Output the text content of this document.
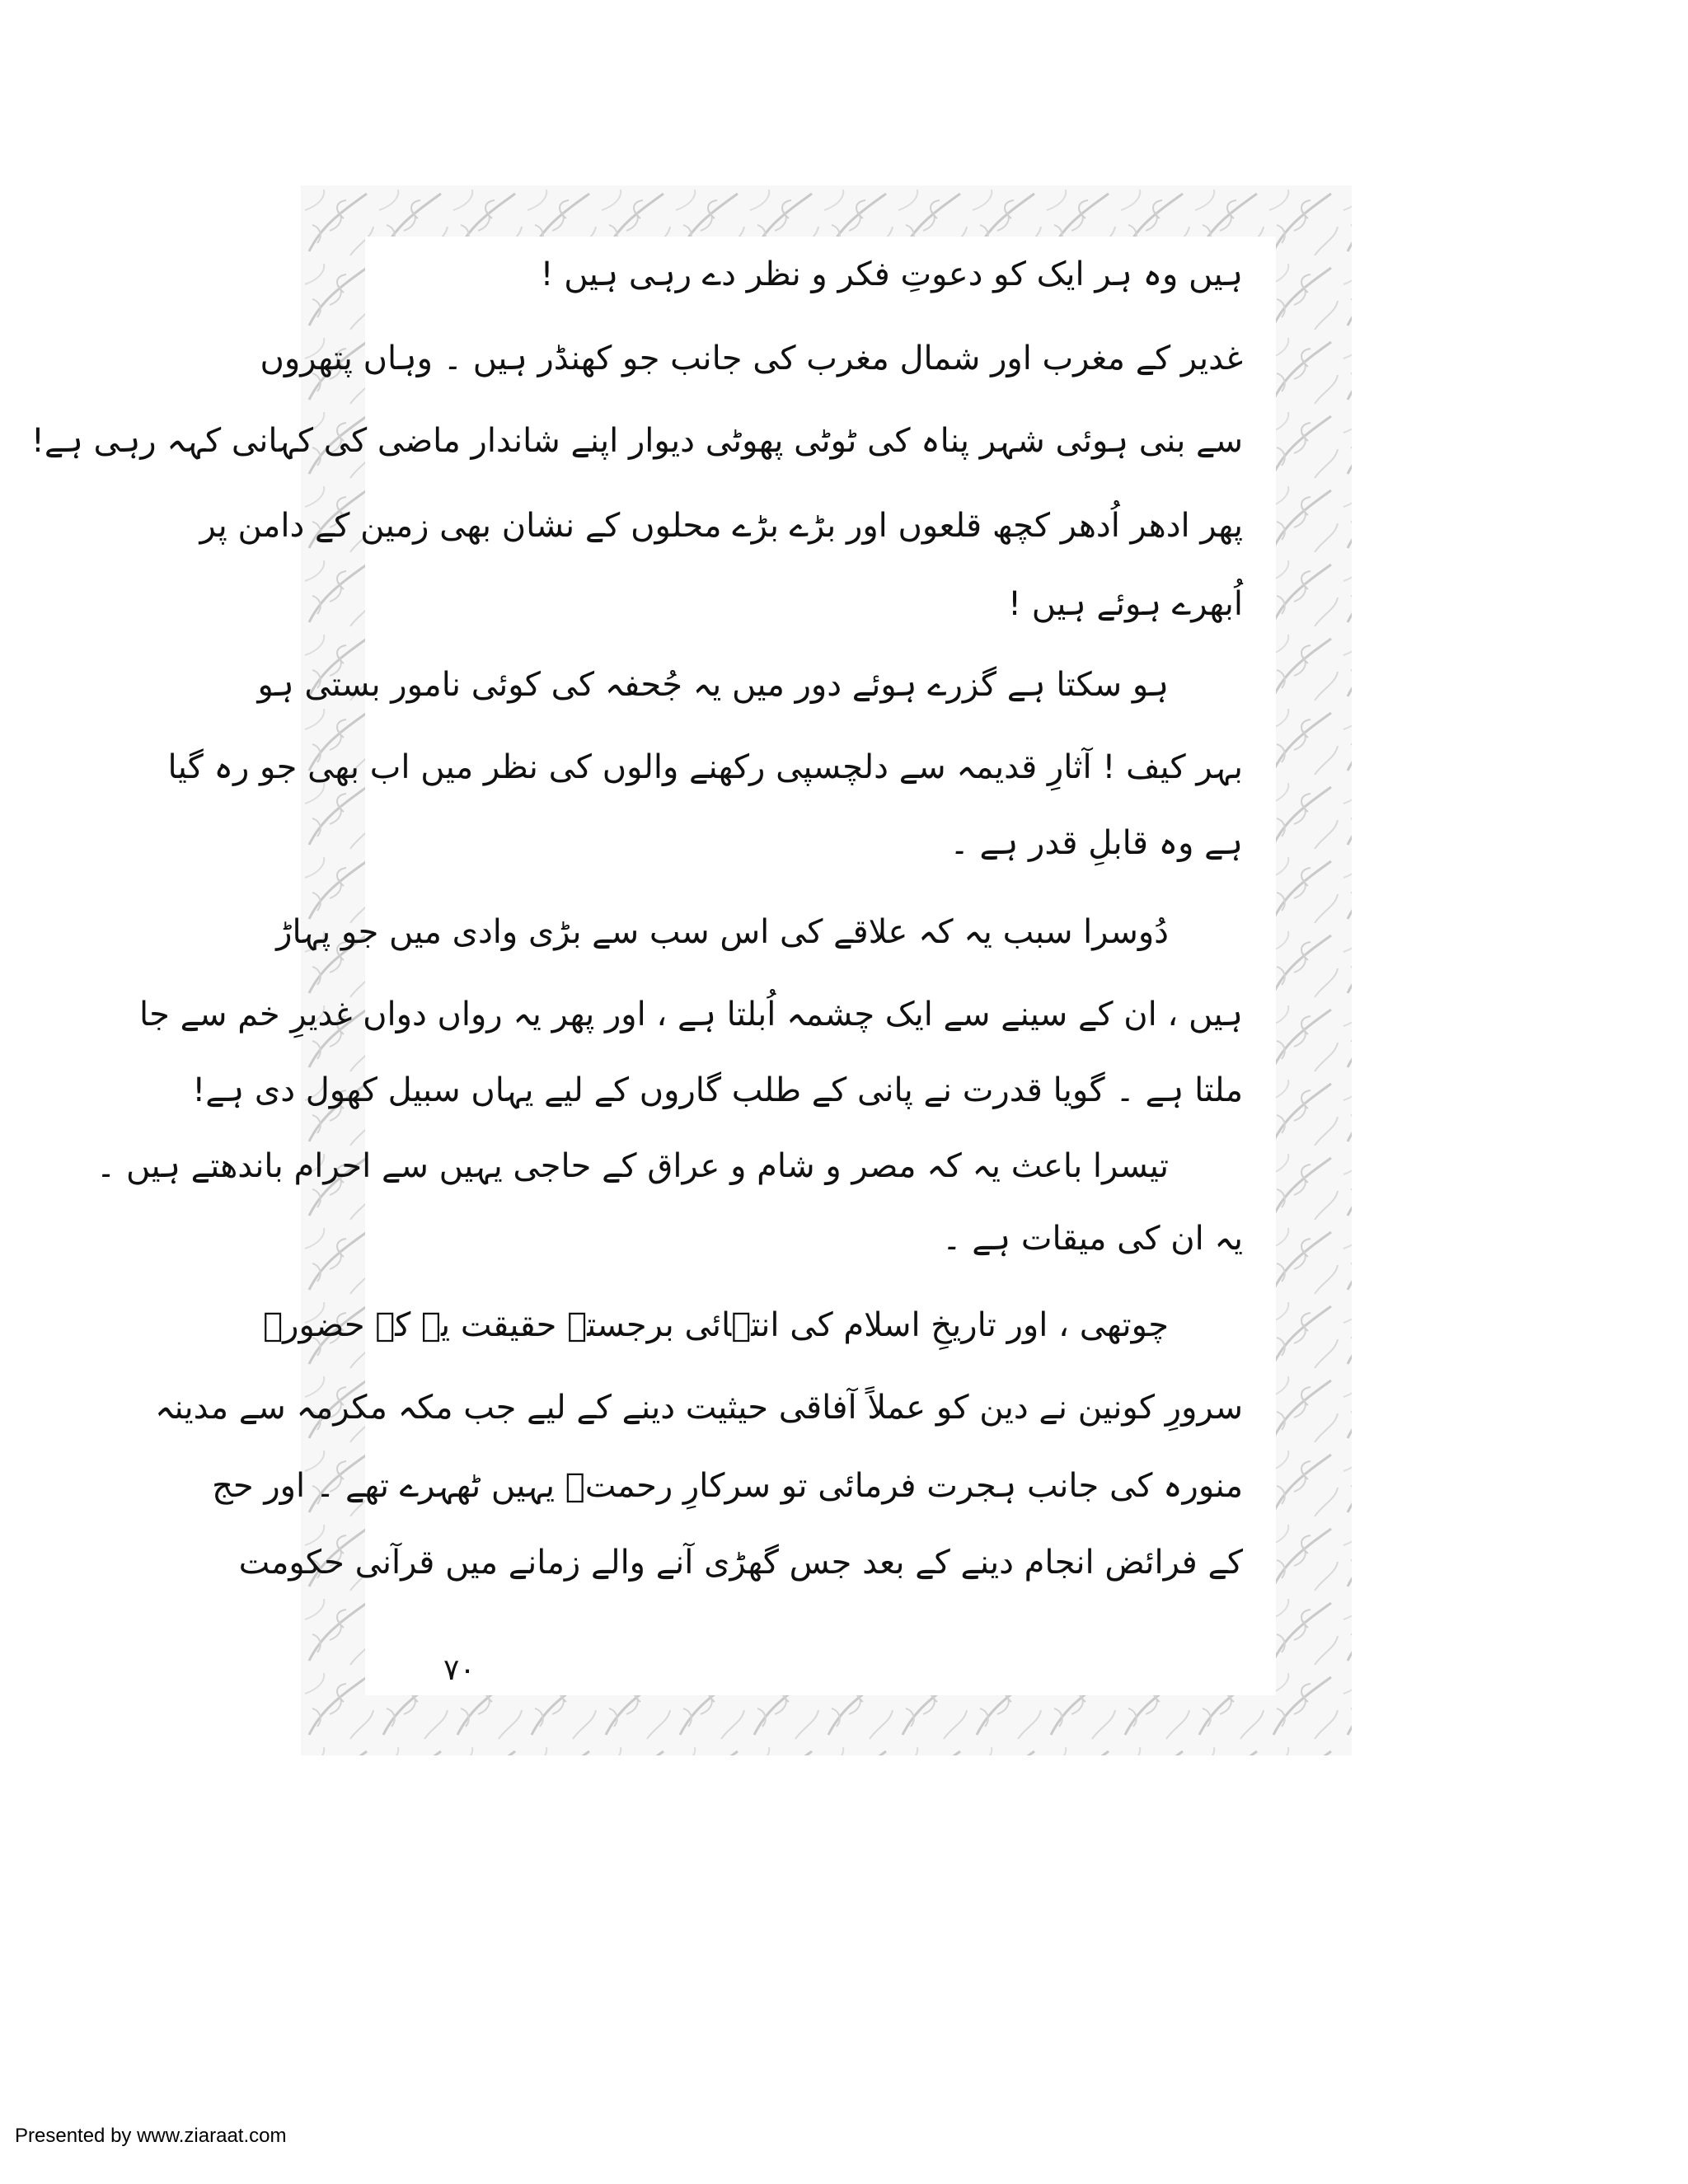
ہیں وہ ہر ایک کو دعوتِ فکر و نظر دے رہی ہیں !
غدیر کے مغرب اور شمال مغرب کی جانب جو کھنڈر ہیں ۔ وہاں پتھروں
سے بنی ہوئی شہر پناہ کی ٹوٹی پھوٹی دیوار اپنے شاندار ماضی کی کہانی کہہ رہی ہے!
پھر ادھر اُدھر کچھ قلعوں اور بڑے بڑے محلوں کے نشان بھی زمین کے دامن پر
اُبھرے ہوئے ہیں !
ہو سکتا ہے گزرے ہوئے دور میں یہ جُحفہ کی کوئی نامور بستی ہو
بہر کیف ! آثارِ قدیمہ سے دلچسپی رکھنے والوں کی نظر میں اب بھی جو رہ گیا
ہے وہ قابلِ قدر ہے ۔
دُوسرا سبب یہ کہ علاقے کی اس سب سے بڑی وادی میں جو پہاڑ
ہیں ، ان کے سینے سے ایک چشمہ اُبلتا ہے ، اور پھر یہ رواں دواں غدیرِ خم سے جا
ملتا ہے ۔ گویا قدرت نے پانی کے طلب گاروں کے لیے یہاں سبیل کھول دی ہے!
تیسرا باعث یہ کہ مصر و شام و عراق کے حاجی یہیں سے احرام باندھتے ہیں ۔
یہ ان کی میقات ہے ۔
چوتھی ، اور تاریخِ اسلام کی انتہائی برجستہ حقیقت یہ کہ حضورؐ
سرورِ کونین نے دین کو عملاً آفاقی حیثیت دینے کے لیے جب مکہ مکرمہ سے مدینہ
منورہ کی جانب ہجرت فرمائی تو سرکارِ رحمتؐ یہیں ٹھہرے تھے ۔ اور حج
کے فرائض انجام دینے کے بعد جس گھڑی آنے والے زمانے میں قرآنی حکومت
۷۰
Presented by www.ziaraat.com
